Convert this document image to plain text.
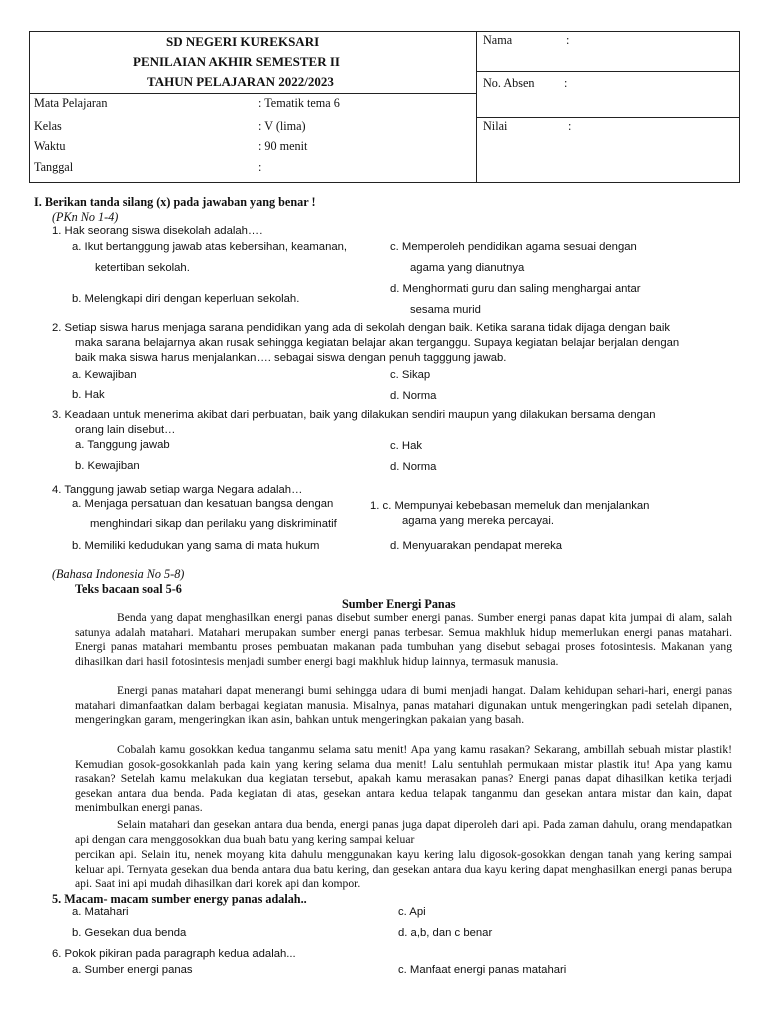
SD NEGERI KUREKSARI
PENILAIAN AKHIR SEMESTER II
TAHUN PELAJARAN 2022/2023
Mata Pelajaran	: Tematik tema 6
Kelas	: V (lima)
Waktu	: 90 menit
Tanggal	:
Nama	:
No. Absen :
Nilai	:
I. Berikan tanda silang (x) pada jawaban yang benar !
(PKn No 1-4)
1. Hak seorang siswa disekolah adalah….
a. Ikut bertanggung jawab atas kebersihan, keamanan,
ketertiban sekolah.
b. Melengkapi diri dengan keperluan sekolah.
c. Memperoleh pendidikan agama sesuai dengan
agama yang dianutnya
d. Menghormati guru dan saling menghargai antar
sesama murid
2. Setiap siswa harus menjaga sarana pendidikan yang ada di sekolah dengan baik. Ketika sarana tidak dijaga dengan baik
maka sarana belajarnya akan rusak sehingga kegiatan belajar akan terganggu. Supaya kegiatan belajar berjalan dengan
baik maka siswa harus menjalankan…. sebagai siswa dengan penuh tagggung jawab.
a. Kewajiban
b. Hak
c. Sikap
d. Norma
3. Keadaan untuk menerima akibat dari perbuatan, baik yang dilakukan sendiri maupun yang dilakukan bersama dengan
orang lain disebut…
a. Tanggung jawab
b. Kewajiban
c. Hak
d. Norma
4. Tanggung jawab setiap warga Negara adalah…
a. Menjaga persatuan dan kesatuan bangsa dengan
menghindari sikap dan perilaku yang diskriminatif
b. Memiliki kedudukan yang sama di mata hukum
1. c. Mempunyai kebebasan memeluk dan menjalankan
agama yang mereka percayai.
d. Menyuarakan pendapat mereka
(Bahasa Indonesia No 5-8)
Teks bacaan soal 5-6
Sumber Energi Panas
Benda yang dapat menghasilkan energi panas disebut sumber energi panas. Sumber energi panas dapat kita jumpai di alam, salah satunya adalah matahari. Matahari merupakan sumber energi panas terbesar. Semua makhluk hidup memerlukan energi panas matahari. Energi panas matahari membantu proses pembuatan makanan pada tumbuhan yang disebut sebagai proses fotosintesis. Makanan yang dihasilkan dari hasil fotosintesis menjadi sumber energi bagi makhluk hidup lainnya, termasuk manusia.
Energi panas matahari dapat menerangi bumi sehingga udara di bumi menjadi hangat. Dalam kehidupan sehari-hari, energi panas matahari dimanfaatkan dalam berbagai kegiatan manusia. Misalnya, panas matahari digunakan untuk mengeringkan padi setelah dipanen, mengeringkan garam, mengeringkan ikan asin, bahkan untuk mengeringkan pakaian yang basah.
Cobalah kamu gosokkan kedua tanganmu selama satu menit! Apa yang kamu rasakan? Sekarang, ambillah sebuah mistar plastik! Kemudian gosok-gosokkanlah pada kain yang kering selama dua menit! Lalu sentuhlah permukaan mistar plastik itu! Apa yang kamu rasakan? Setelah kamu melakukan dua kegiatan tersebut, apakah kamu merasakan panas? Energi panas dapat dihasilkan ketika terjadi gesekan antara dua benda. Pada kegiatan di atas, gesekan antara kedua telapak tanganmu dan gesekan antara mistar dan kain, dapat menimbulkan energi panas.
Selain matahari dan gesekan antara dua benda, energi panas juga dapat diperoleh dari api. Pada zaman dahulu, orang mendapatkan api dengan cara menggosokkan dua buah batu yang kering sampai keluar
percikan api. Selain itu, nenek moyang kita dahulu menggunakan kayu kering lalu digosok-gosokkan dengan tanah yang kering sampai keluar api. Ternyata gesekan dua benda antara dua batu kering, dan gesekan antara dua kayu kering dapat menghasilkan energi panas berupa api. Saat ini api mudah dihasilkan dari korek api dan kompor.
5. Macam- macam sumber energy panas adalah..
a. Matahari
b. Gesekan dua benda
c. Api
d. a,b, dan c benar
6. Pokok pikiran pada paragraph kedua adalah...
a. Sumber energi panas	c. Manfaat energi panas matahari
